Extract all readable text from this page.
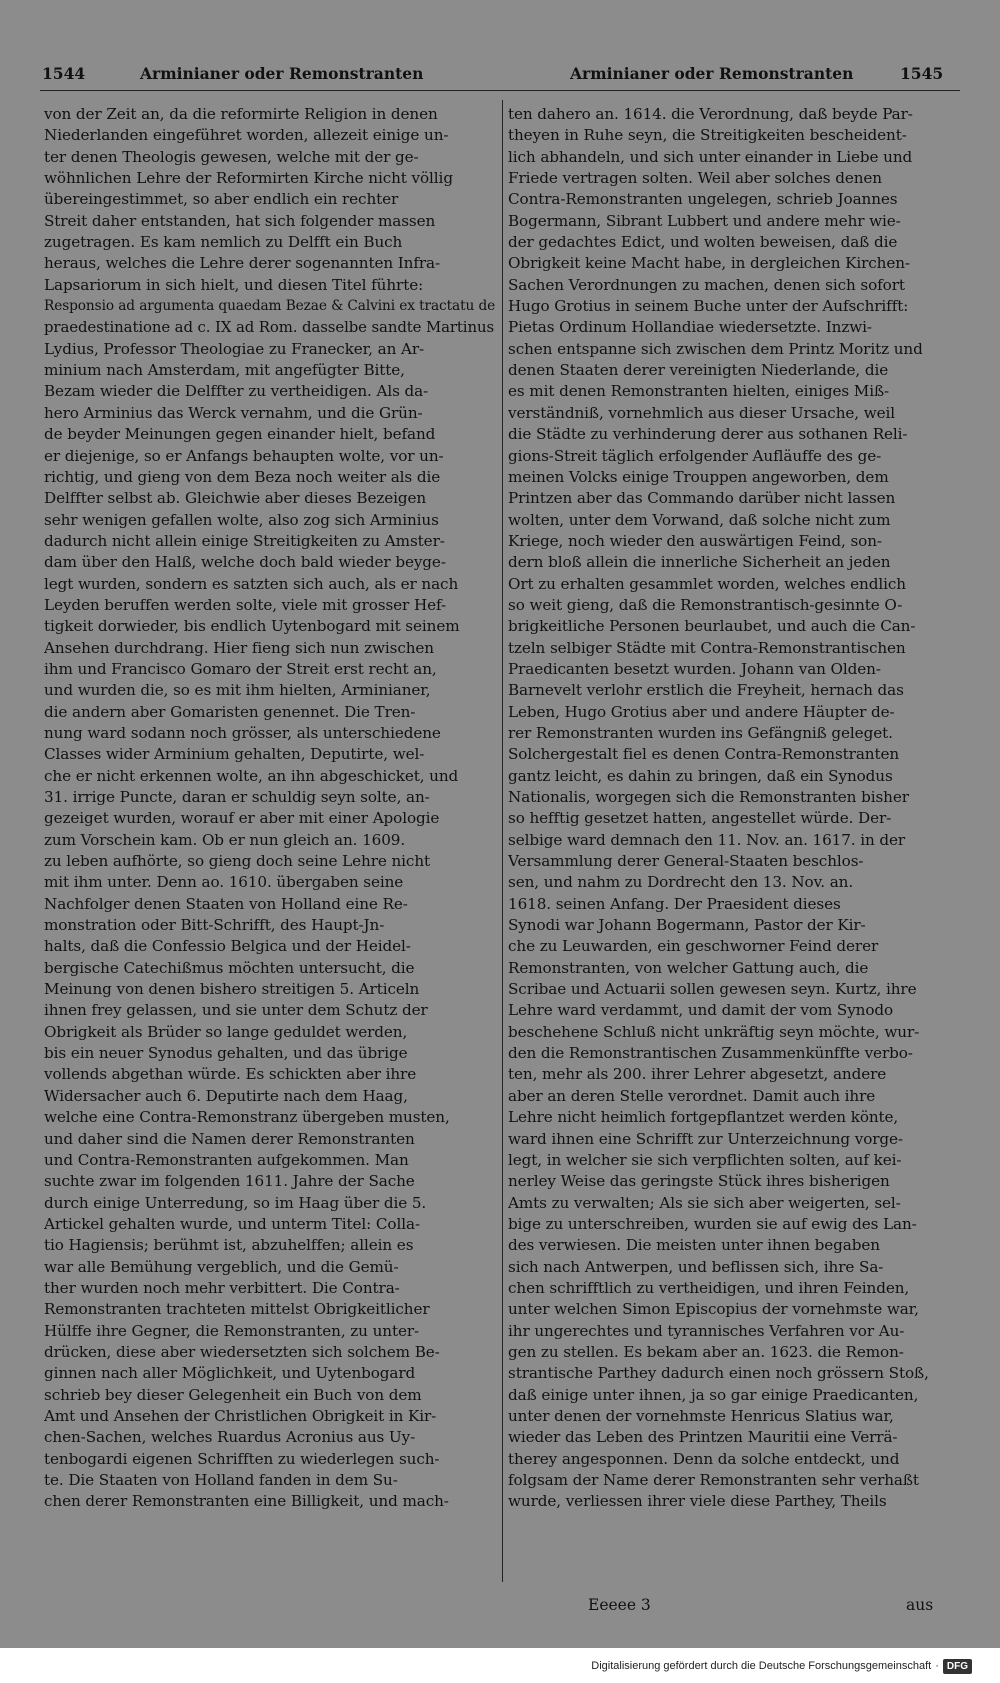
1544	Arminianer oder Remonstranten	Arminianer oder Remonstranten	1545
von der Zeit an, da die reformirte Religion in denen
Niederlanden eingeführet worden, allezeit einige un-
ter denen Theologis gewesen, welche mit der ge-
wöhnlichen Lehre der Reformirten Kirche nicht völlig
übereingestimmet, so aber endlich ein rechter
Streit daher entstanden, hat sich folgender massen
zugetragen. Es kam nemlich zu Delfft ein Buch
heraus, welches die Lehre derer sogenannten Infra-
Lapsariorum in sich hielt, und diesen Titel führte:
Responsio ad argumenta quaedam Bezae & Calvini ex tractatu de
praedestinatione ad c. IX ad Rom. dasselbe sandte Martinus
Lydius, Professor Theologiae zu Franecker, an Ar-
minium nach Amsterdam, mit angefügter Bitte,
Bezam wieder die Delffter zu vertheidigen. Als da-
hero Arminius das Werck vernahm, und die Grün-
de beyder Meinungen gegen einander hielt, befand
er diejenige, so er Anfangs behaupten wolte, vor un-
richtig, und gieng von dem Beza noch weiter als die
Delffter selbst ab. Gleichwie aber dieses Bezeigen
sehr wenigen gefallen wolte, also zog sich Arminius
dadurch nicht allein einige Streitigkeiten zu Amster-
dam über den Halß, welche doch bald wieder beyge-
legt wurden, sondern es satzten sich auch, als er nach
Leyden beruffen werden solte, viele mit grosser Hef-
tigkeit dorwieder, bis endlich Uytenbogard mit seinem
Ansehen durchdrang. Hier fieng sich nun zwischen
ihm und Francisco Gomaro der Streit erst recht an,
und wurden die, so es mit ihm hielten, Arminianer,
die andern aber Gomaristen genennet. Die Tren-
nung ward sodann noch grösser, als unterschiedene
Classes wider Arminium gehalten, Deputirte, wel-
che er nicht erkennen wolte, an ihn abgeschicket, und
31. irrige Puncte, daran er schuldig seyn solte, an-
gezeiget wurden, worauf er aber mit einer Apologie
zum Vorschein kam. Ob er nun gleich an. 1609.
zu leben aufhörte, so gieng doch seine Lehre nicht
mit ihm unter. Denn ao. 1610. übergaben seine
Nachfolger denen Staaten von Holland eine Re-
monstration oder Bitt-Schrifft, des Haupt-Jn-
halts, daß die Confessio Belgica und der Heidel-
bergische Catechißmus möchten untersucht, die
Meinung von denen bishero streitigen 5. Articeln
ihnen frey gelassen, und sie unter dem Schutz der
Obrigkeit als Brüder so lange geduldet werden,
bis ein neuer Synodus gehalten, und das übrige
vollends abgethan würde. Es schickten aber ihre
Widersacher auch 6. Deputirte nach dem Haag,
welche eine Contra-Remonstranz übergeben musten,
und daher sind die Namen derer Remonstranten
und Contra-Remonstranten aufgekommen. Man
suchte zwar im folgenden 1611. Jahre der Sache
durch einige Unterredung, so im Haag über die 5.
Artickel gehalten wurde, und unterm Titel: Colla-
tio Hagiensis; berühmt ist, abzuhelffen; allein es
war alle Bemühung vergeblich, und die Gemü-
ther wurden noch mehr verbittert. Die Contra-
Remonstranten trachteten mittelst Obrigkeitlicher
Hülffe ihre Gegner, die Remonstranten, zu unter-
drücken, diese aber wiedersetzten sich solchem Be-
ginnen nach aller Möglichkeit, und Uytenbogard
schrieb bey dieser Gelegenheit ein Buch von dem
Amt und Ansehen der Christlichen Obrigkeit in Kir-
chen-Sachen, welches Ruardus Acronius aus Uy-
tenbogardi eigenen Schrifften zu wiederlegen such-
te. Die Staaten von Holland fanden in dem Su-
chen derer Remonstranten eine Billigkeit, und mach-
ten dahero an. 1614. die Verordnung, daß beyde Par-
theyen in Ruhe seyn, die Streitigkeiten bescheident-
lich abhandeln, und sich unter einander in Liebe und
Friede vertragen solten. Weil aber solches denen
Contra-Remonstranten ungelegen, schrieb Joannes
Bogermann, Sibrant Lubbert und andere mehr wie-
der gedachtes Edict, und wolten beweisen, daß die
Obrigkeit keine Macht habe, in dergleichen Kirchen-
Sachen Verordnungen zu machen, denen sich sofort
Hugo Grotius in seinem Buche unter der Aufschrifft:
Pietas Ordinum Hollandiae wiedersetzte. Inzwi-
schen entspanne sich zwischen dem Printz Moritz und
denen Staaten derer vereinigten Niederlande, die
es mit denen Remonstranten hielten, einiges Miß-
verständniß, vornehmlich aus dieser Ursache, weil
die Städte zu verhinderung derer aus sothanen Reli-
gions-Streit täglich erfolgender Aufläuffe des ge-
meinen Volcks einige Trouppen angeworben, dem
Printzen aber das Commando darüber nicht lassen
wolten, unter dem Vorwand, daß solche nicht zum
Kriege, noch wieder den auswärtigen Feind, son-
dern bloß allein die innerliche Sicherheit an jeden
Ort zu erhalten gesammlet worden, welches endlich
so weit gieng, daß die Remonstrantisch-gesinnte O-
brigkeitliche Personen beurlaubet, und auch die Can-
tzeln selbiger Städte mit Contra-Remonstrantischen
Praedicanten besetzt wurden. Johann van Olden-
Barnevelt verlohr erstlich die Freyheit, hernach das
Leben, Hugo Grotius aber und andere Häupter de-
rer Remonstranten wurden ins Gefängniß geleget.
Solchergestalt fiel es denen Contra-Remonstranten
gantz leicht, es dahin zu bringen, daß ein Synodus
Nationalis, worgegen sich die Remonstranten bisher
so hefftig gesetzet hatten, angestellet würde. Der-
selbige ward demnach den 11. Nov. an. 1617. in der
Versammlung derer General-Staaten beschlos-
sen, und nahm zu Dordrecht den 13. Nov. an.
1618. seinen Anfang. Der Praesident dieses
Synodi war Johann Bogermann, Pastor der Kir-
che zu Leuwarden, ein geschworner Feind derer
Remonstranten, von welcher Gattung auch, die
Scribae und Actuarii sollen gewesen seyn. Kurtz, ihre
Lehre ward verdammt, und damit der vom Synodo
beschehene Schluß nicht unkräftig seyn möchte, wur-
den die Remonstrantischen Zusammenkünffte verbo-
ten, mehr als 200. ihrer Lehrer abgesetzt, andere
aber an deren Stelle verordnet. Damit auch ihre
Lehre nicht heimlich fortgepflantzet werden könte,
ward ihnen eine Schrifft zur Unterzeichnung vorge-
legt, in welcher sie sich verpflichten solten, auf kei-
nerley Weise das geringste Stück ihres bisherigen
Amts zu verwalten; Als sie sich aber weigerten, sel-
bige zu unterschreiben, wurden sie auf ewig des Lan-
des verwiesen. Die meisten unter ihnen begaben
sich nach Antwerpen, und beflissen sich, ihre Sa-
chen schrifftlich zu vertheidigen, und ihren Feinden,
unter welchen Simon Episcopius der vornehmste war,
ihr ungerechtes und tyrannisches Verfahren vor Au-
gen zu stellen. Es bekam aber an. 1623. die Remon-
strantische Parthey dadurch einen noch grössern Stoß,
daß einige unter ihnen, ja so gar einige Praedicanten,
unter denen der vornehmste Henricus Slatius war,
wieder das Leben des Printzen Mauritii eine Verrä-
therey angesponnen. Denn da solche entdeckt, und
folgsam der Name derer Remonstranten sehr verhaßt
wurde, verliessen ihrer viele diese Parthey, Theils
Eeeee 3	aus
Digitalisierung gefördert durch die Deutsche Forschungsgemeinschaft · DFG
